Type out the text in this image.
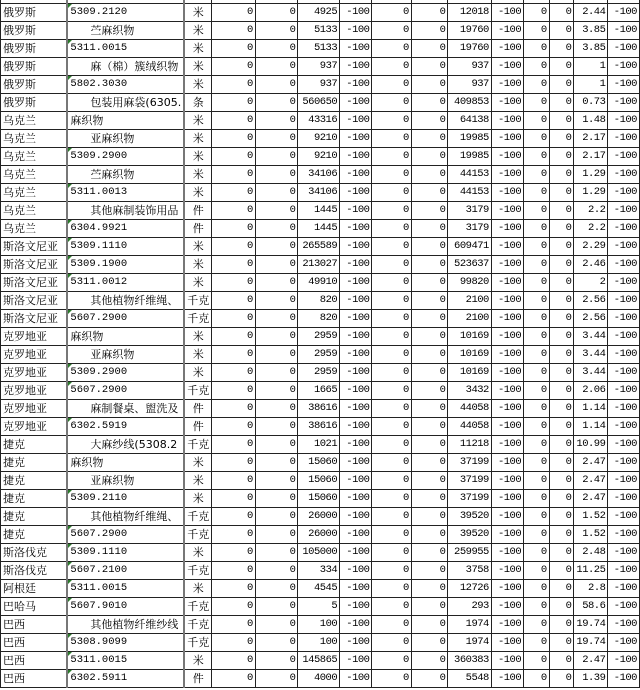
俄罗斯	5309.2120	米	0	0	4925	-100	0	0	12018	-100	0	0	2.44	-100
俄罗斯	苎麻织物	米	0	0	5133	-100	0	0	19760	-100	0	0	3.85	-100
俄罗斯	5311.0015	米	0	0	5133	-100	0	0	19760	-100	0	0	3.85	-100
俄罗斯	麻（棉）簇绒织物	米	0	0	937	-100	0	0	937	-100	0	0	1	-100
俄罗斯	5802.3030	米	0	0	937	-100	0	0	937	-100	0	0	1	-100
俄罗斯	包装用麻袋(6305.	条	0	0	560650	-100	0	0	409853	-100	0	0	0.73	-100
乌克兰	麻织物	米	0	0	43316	-100	0	0	64138	-100	0	0	1.48	-100
乌克兰	亚麻织物	米	0	0	9210	-100	0	0	19985	-100	0	0	2.17	-100
乌克兰	5309.2900	米	0	0	9210	-100	0	0	19985	-100	0	0	2.17	-100
乌克兰	苎麻织物	米	0	0	34106	-100	0	0	44153	-100	0	0	1.29	-100
乌克兰	5311.0013	米	0	0	34106	-100	0	0	44153	-100	0	0	1.29	-100
乌克兰	其他麻制装饰用品	件	0	0	1445	-100	0	0	3179	-100	0	0	2.2	-100
乌克兰	6304.9921	件	0	0	1445	-100	0	0	3179	-100	0	0	2.2	-100
斯洛文尼亚	5309.1110	米	0	0	265589	-100	0	0	609471	-100	0	0	2.29	-100
斯洛文尼亚	5309.1900	米	0	0	213027	-100	0	0	523637	-100	0	0	2.46	-100
斯洛文尼亚	5311.0012	米	0	0	49910	-100	0	0	99820	-100	0	0	2	-100
斯洛文尼亚	其他植物纤维绳、	千克	0	0	820	-100	0	0	2100	-100	0	0	2.56	-100
斯洛文尼亚	5607.2900	千克	0	0	820	-100	0	0	2100	-100	0	0	2.56	-100
克罗地亚	麻织物	米	0	0	2959	-100	0	0	10169	-100	0	0	3.44	-100
克罗地亚	亚麻织物	米	0	0	2959	-100	0	0	10169	-100	0	0	3.44	-100
克罗地亚	5309.2900	米	0	0	2959	-100	0	0	10169	-100	0	0	3.44	-100
克罗地亚	5607.2900	千克	0	0	1665	-100	0	0	3432	-100	0	0	2.06	-100
克罗地亚	麻制餐桌、盥洗及	件	0	0	38616	-100	0	0	44058	-100	0	0	1.14	-100
克罗地亚	6302.5919	件	0	0	38616	-100	0	0	44058	-100	0	0	1.14	-100
捷克	大麻纱线(5308.2	千克	0	0	1021	-100	0	0	11218	-100	0	0	10.99	-100
捷克	麻织物	米	0	0	15060	-100	0	0	37199	-100	0	0	2.47	-100
捷克	亚麻织物	米	0	0	15060	-100	0	0	37199	-100	0	0	2.47	-100
捷克	5309.2110	米	0	0	15060	-100	0	0	37199	-100	0	0	2.47	-100
捷克	其他植物纤维绳、	千克	0	0	26000	-100	0	0	39520	-100	0	0	1.52	-100
捷克	5607.2900	千克	0	0	26000	-100	0	0	39520	-100	0	0	1.52	-100
斯洛伐克	5309.1110	米	0	0	105000	-100	0	0	259955	-100	0	0	2.48	-100
斯洛伐克	5607.2100	千克	0	0	334	-100	0	0	3758	-100	0	0	11.25	-100
阿根廷	5311.0015	米	0	0	4545	-100	0	0	12726	-100	0	0	2.8	-100
巴哈马	5607.9010	千克	0	0	5	-100	0	0	293	-100	0	0	58.6	-100
巴西	其他植物纤维纱线	千克	0	0	100	-100	0	0	1974	-100	0	0	19.74	-100
巴西	5308.9099	千克	0	0	100	-100	0	0	1974	-100	0	0	19.74	-100
巴西	5311.0015	米	0	0	145865	-100	0	0	360383	-100	0	0	2.47	-100
巴西	6302.5911	件	0	0	4000	-100	0	0	5548	-100	0	0	1.39	-100
